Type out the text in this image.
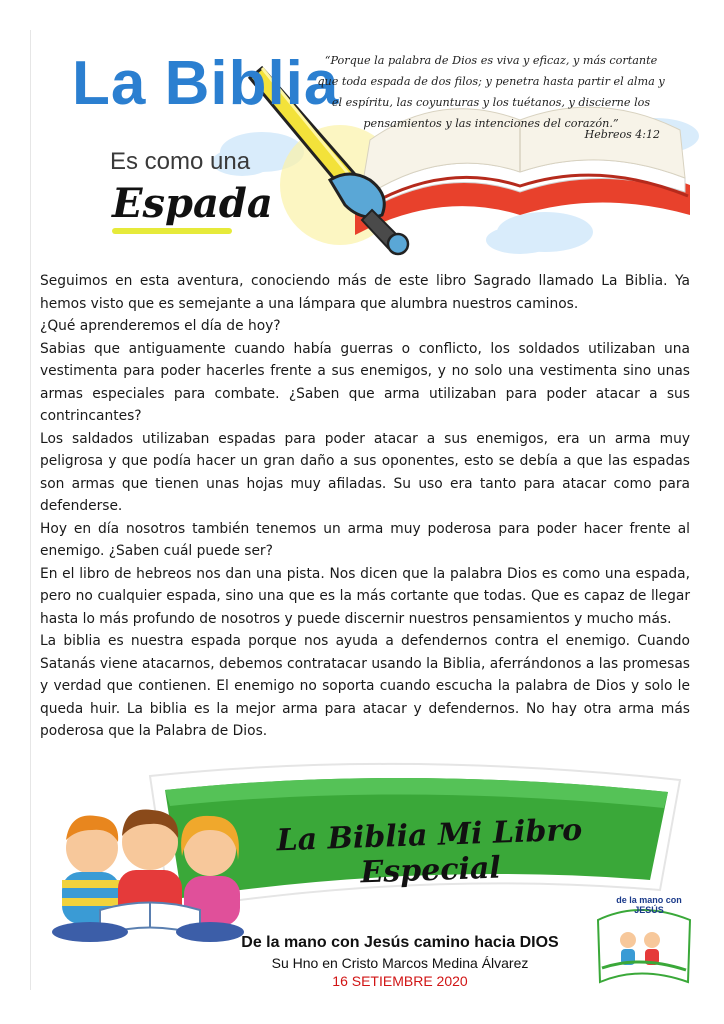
La Biblia
Es como una
Espada
“Porque la palabra de Dios es viva y eficaz, y más cortante que toda espada de dos filos; y penetra hasta partir el alma y el espíritu, las coyunturas y los tuétanos, y discierne los pensamientos y las intenciones del corazón.”
Hebreos 4:12

Seguimos en esta aventura, conociendo más de este libro Sagrado llamado La Biblia. Ya hemos visto que es semejante a una lámpara que alumbra nuestros caminos.

¿Qué aprenderemos el día de hoy?

Sabias que antiguamente cuando había guerras o conflicto, los soldados utilizaban una vestimenta para poder hacerles frente a sus enemigos, y no solo una vestimenta sino unas armas especiales para combate. ¿Saben que arma utilizaban para poder atacar a sus contrincantes?

Los saldados utilizaban espadas para poder atacar a sus enemigos, era un arma muy peligrosa y que podía hacer un gran daño a sus oponentes, esto se debía a que las espadas son armas que tienen unas hojas muy afiladas. Su uso era tanto para atacar como para defenderse.

Hoy en día nosotros también tenemos un arma muy poderosa para poder hacer frente al enemigo. ¿Saben cuál puede ser?

En el libro de hebreos nos dan una pista. Nos dicen que la palabra Dios es como una espada, pero no cualquier espada, sino una que es la más cortante que todas. Que es capaz de llegar hasta lo más profundo de nosotros y puede discernir nuestros pensamientos y mucho más.

La biblia es nuestra espada porque nos ayuda a defendernos contra el enemigo. Cuando Satanás viene atacarnos, debemos contratacar usando la Biblia, aferrándonos a las promesas y verdad que contienen. El enemigo no soporta cuando escucha la palabra de Dios y solo le queda huir. La biblia es la mejor arma para atacar y defendernos. No hay otra arma más poderosa que la Palabra de Dios.

La Biblia Mi Libro Especial
de la mano con JESÚS
De la mano con Jesús camino hacia DIOS
Su Hno en Cristo Marcos Medina Álvarez
16 SETIEMBRE 2020
